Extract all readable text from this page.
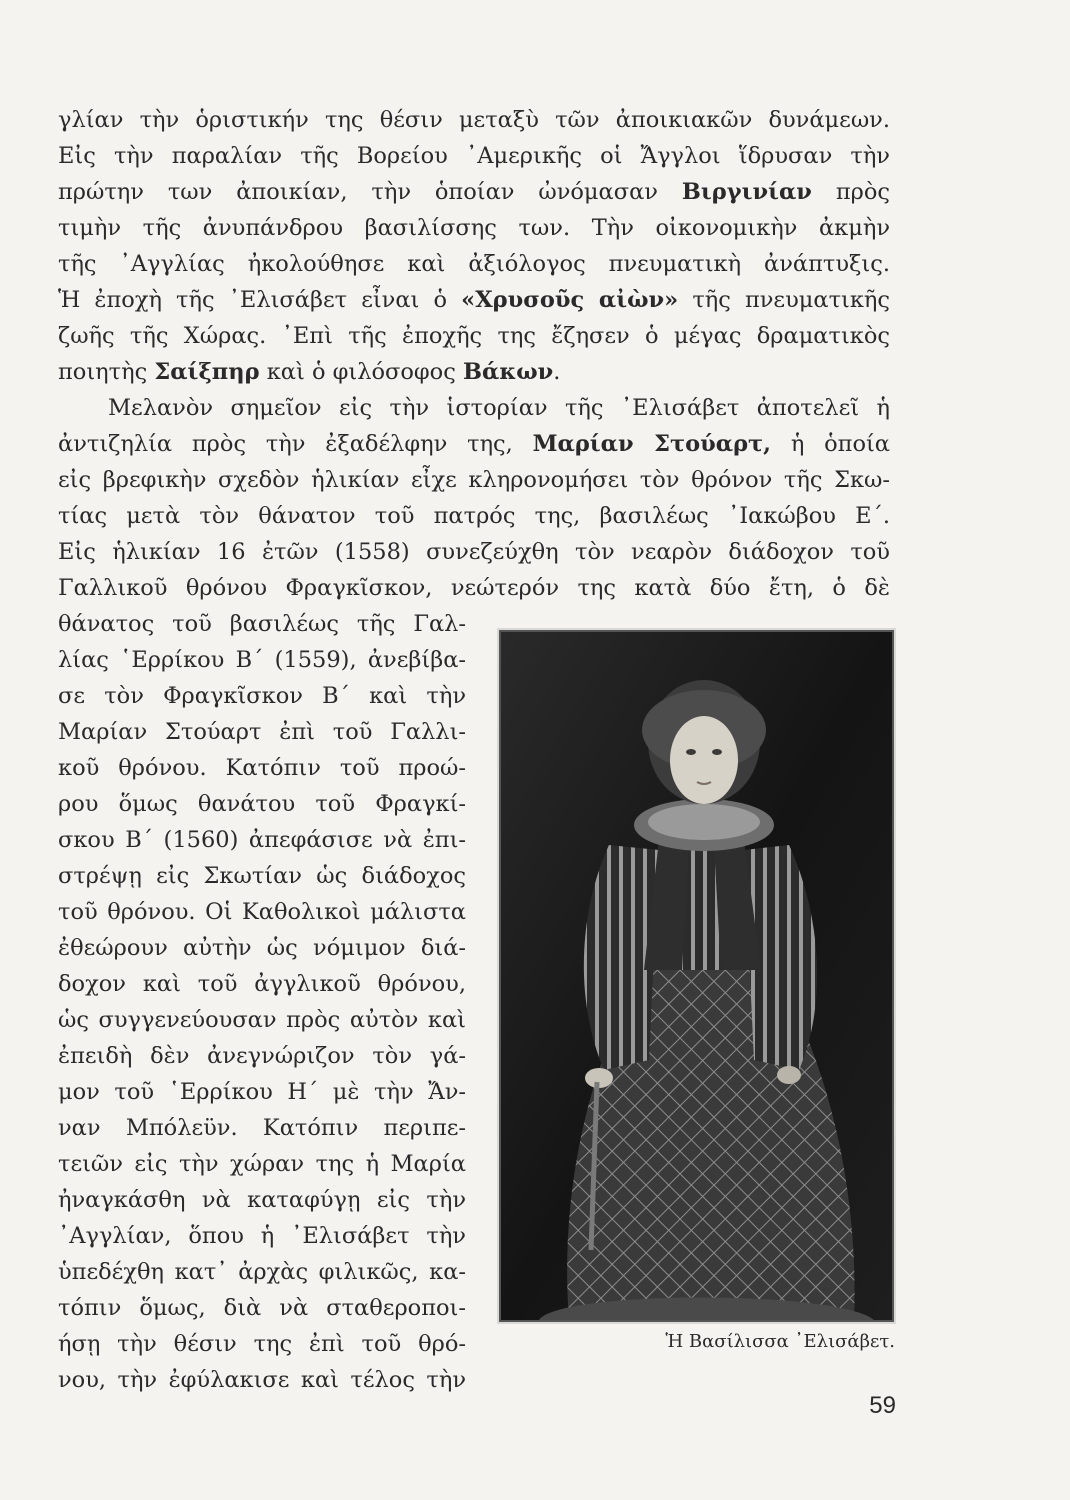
γλίαν τὴν ὁριστικήν της θέσιν μεταξὺ τῶν ἀποικιακῶν δυνάμεων.
Εἰς τὴν παραλίαν τῆς Βορείου ᾿Αμερικῆς οἱ Ἄγγλοι ἵδρυσαν τὴν
πρώτην των ἀποικίαν, τὴν ὁποίαν ὠνόμασαν Βιργινίαν πρὸς
τιμὴν τῆς ἀνυπάνδρου βασιλίσσης των. Τὴν οἰκονομικὴν ἀκμὴν
τῆς ᾿Αγγλίας ἠκολούθησε καὶ ἀξιόλογος πνευματικὴ ἀνάπτυξις.
Ἡ ἐποχὴ τῆς ᾿Ελισάβετ εἶναι ὁ «Χρυσοῦς αἰὼν» τῆς πνευματικῆς
ζωῆς τῆς Χώρας. ᾿Επὶ τῆς ἐποχῆς της ἔζησεν ὁ μέγας δραματικὸς
ποιητὴς Σαίξπηρ καὶ ὁ φιλόσοφος Βάκων.
Μελανὸν σημεῖον εἰς τὴν ἱστορίαν τῆς ᾿Ελισάβετ ἀποτελεῖ ἡ
ἀντιζηλία πρὸς τὴν ἐξαδέλφην της, Μαρίαν Στούαρτ, ἡ ὁποία
εἰς βρεφικὴν σχεδὸν ἡλικίαν εἶχε κληρονομήσει τὸν θρόνον τῆς Σκω-
τίας μετὰ τὸν θάνατον τοῦ πατρός της, βασιλέως ᾿Ιακώβου Ε΄.
Εἰς ἡλικίαν 16 ἐτῶν (1558) συνεζεύχθη τὸν νεαρὸν διάδοχον τοῦ
Γαλλικοῦ θρόνου Φραγκῖσκον, νεώτερόν της κατὰ δύο ἔτη, ὁ δὲ
θάνατος τοῦ βασιλέως τῆς Γαλ-
λίας ῾Ερρίκου Β΄ (1559), ἀνεβίβα-
σε τὸν Φραγκῖσκον Β΄ καὶ τὴν
Μαρίαν Στούαρτ ἐπὶ τοῦ Γαλλι-
κοῦ θρόνου. Κατόπιν τοῦ προώ-
ρου ὅμως θανάτου τοῦ Φραγκί-
σκου Β΄ (1560) ἀπεφάσισε νὰ ἐπι-
στρέψῃ εἰς Σκωτίαν ὡς διάδοχος
τοῦ θρόνου. Οἱ Καθολικοὶ μάλιστα
ἐθεώρουν αὐτὴν ὡς νόμιμον διά-
δοχον καὶ τοῦ ἀγγλικοῦ θρόνου,
ὡς συγγενεύουσαν πρὸς αὐτὸν καὶ
ἐπειδὴ δὲν ἀνεγνώριζον τὸν γά-
μον τοῦ ῾Ερρίκου Η΄ μὲ τὴν Ἄν-
ναν Μπόλεϋν. Κατόπιν περιπε-
τειῶν εἰς τὴν χώραν της ἡ Μαρία
ἠναγκάσθη νὰ καταφύγῃ εἰς τὴν
᾿Αγγλίαν, ὅπου ἡ ᾿Ελισάβετ τὴν
ὑπεδέχθη κατ᾿ ἀρχὰς φιλικῶς, κα-
τόπιν ὅμως, διὰ νὰ σταθεροποι-
ήσῃ τὴν θέσιν της ἐπὶ τοῦ θρό-
νου, τὴν ἐφύλακισε καὶ τέλος τὴν
Ἡ Βασίλισσα ᾿Ελισάβετ.
59
